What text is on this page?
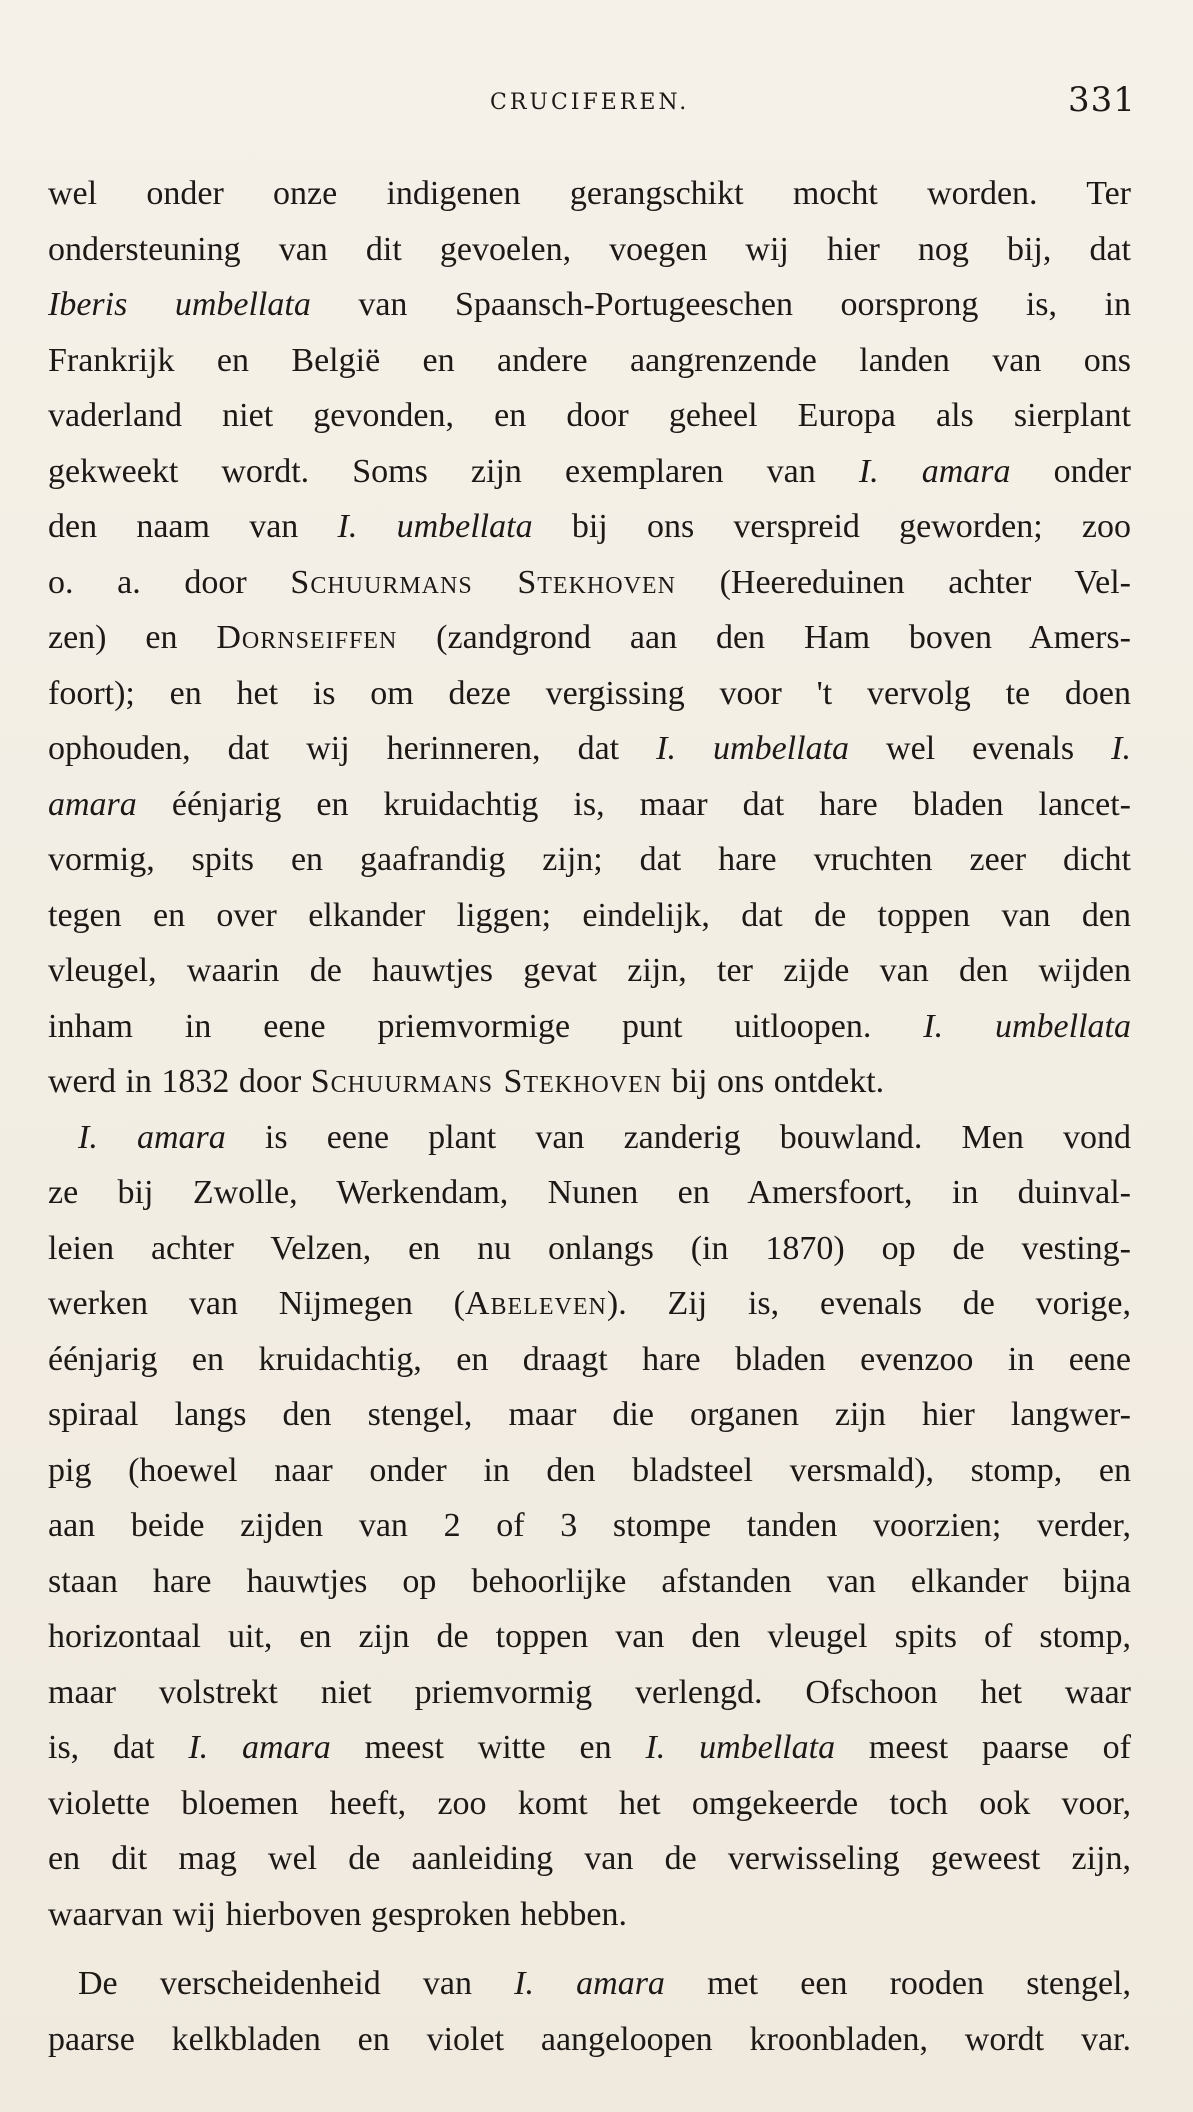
CRUCIFEREN.	331
wel onder onze indigenen gerangschikt mocht worden. Ter
ondersteuning van dit gevoelen, voegen wij hier nog bij, dat
Iberis umbellata van Spaansch-Portugeeschen oorsprong is, in
Frankrijk en België en andere aangrenzende landen van ons
vaderland niet gevonden, en door geheel Europa als sierplant
gekweekt wordt. Soms zijn exemplaren van I. amara onder
den naam van I. umbellata bij ons verspreid geworden; zoo
o. a. door Schuurmans Stekhoven (Heereduinen achter Vel-
zen) en Dornseiffen (zandgrond aan den Ham boven Amers-
foort); en het is om deze vergissing voor 't vervolg te doen
ophouden, dat wij herinneren, dat I. umbellata wel evenals I.
amara éénjarig en kruidachtig is, maar dat hare bladen lancet-
vormig, spits en gaafrandig zijn; dat hare vruchten zeer dicht
tegen en over elkander liggen; eindelijk, dat de toppen van den
vleugel, waarin de hauwtjes gevat zijn, ter zijde van den wijden
inham in eene priemvormige punt uitloopen. I. umbellata
werd in 1832 door Schuurmans Stekhoven bij ons ontdekt.
I. amara is eene plant van zanderig bouwland. Men vond
ze bij Zwolle, Werkendam, Nunen en Amersfoort, in duinval-
leien achter Velzen, en nu onlangs (in 1870) op de vesting-
werken van Nijmegen (Abeleven). Zij is, evenals de vorige,
éénjarig en kruidachtig, en draagt hare bladen evenzoo in eene
spiraal langs den stengel, maar die organen zijn hier langwer-
pig (hoewel naar onder in den bladsteel versmald), stomp, en
aan beide zijden van 2 of 3 stompe tanden voorzien; verder,
staan hare hauwtjes op behoorlijke afstanden van elkander bijna
horizontaal uit, en zijn de toppen van den vleugel spits of stomp,
maar volstrekt niet priemvormig verlengd. Ofschoon het waar
is, dat I. amara meest witte en I. umbellata meest paarse of
violette bloemen heeft, zoo komt het omgekeerde toch ook voor,
en dit mag wel de aanleiding van de verwisseling geweest zijn,
waarvan wij hierboven gesproken hebben.
De verscheidenheid van I. amara met een rooden stengel,
paarse kelkbladen en violet aangeloopen kroonbladen, wordt var.
